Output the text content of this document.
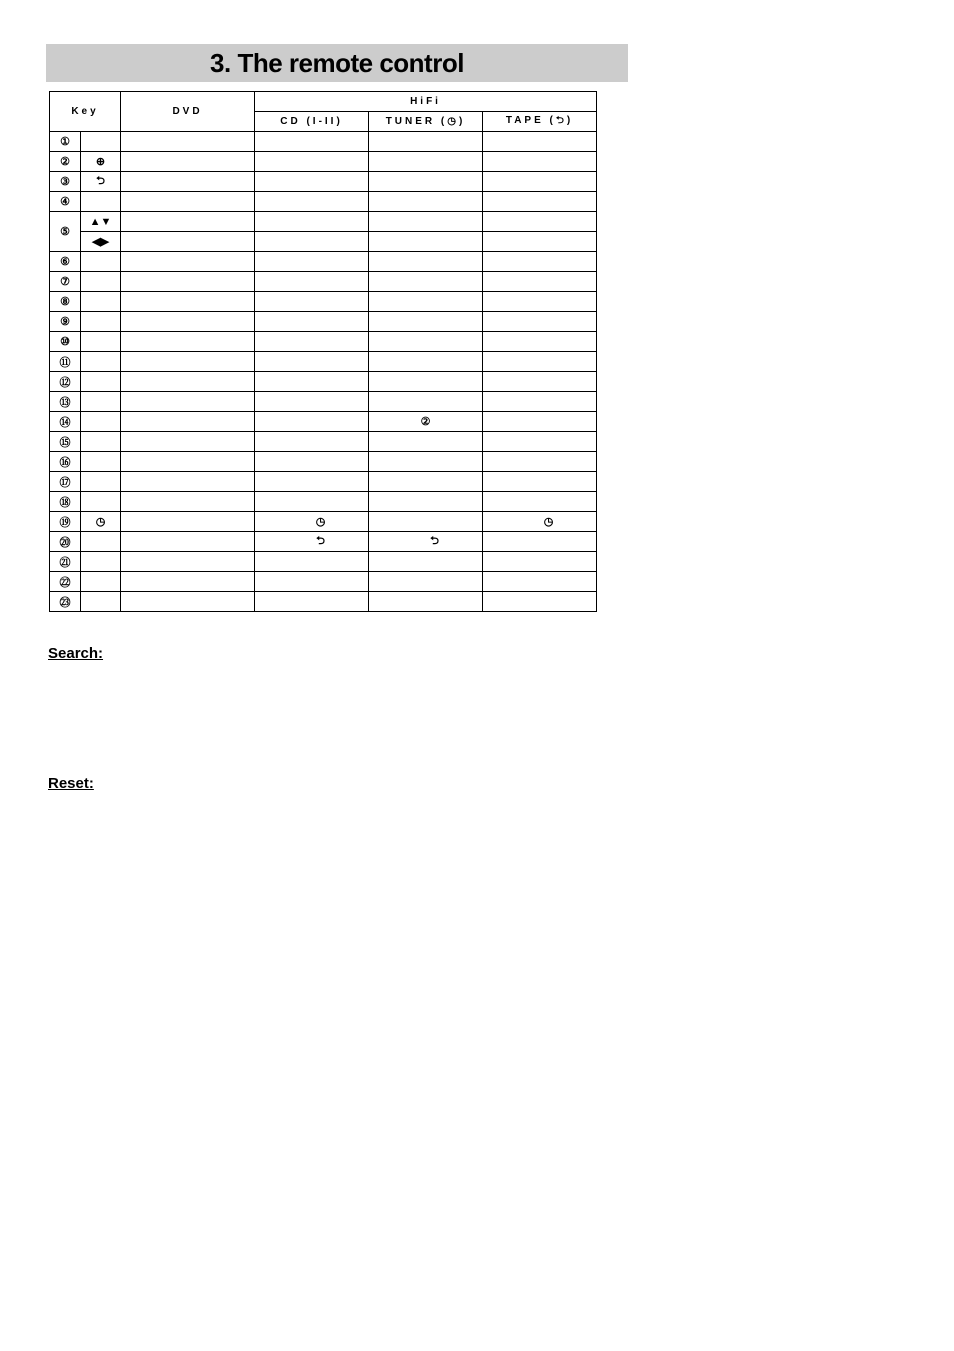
3. The remote control
Key		DVD	HiFi		
			CD (I-II)	TUNER (◷)	TAPE (⮌)
①					
②	⊕				
③	⮌				
④					
⑤	▲▼				
	◀▶				
⑥					
⑦					
⑧					
⑨					
⑩					
⑪					
⑫					
⑬					
⑭				②	
⑮					
⑯					
⑰					
⑱					
⑲	◷		◷		◷
⑳			⮌	⮌	
㉑					
㉒					
㉓					
Search:
Reset:
